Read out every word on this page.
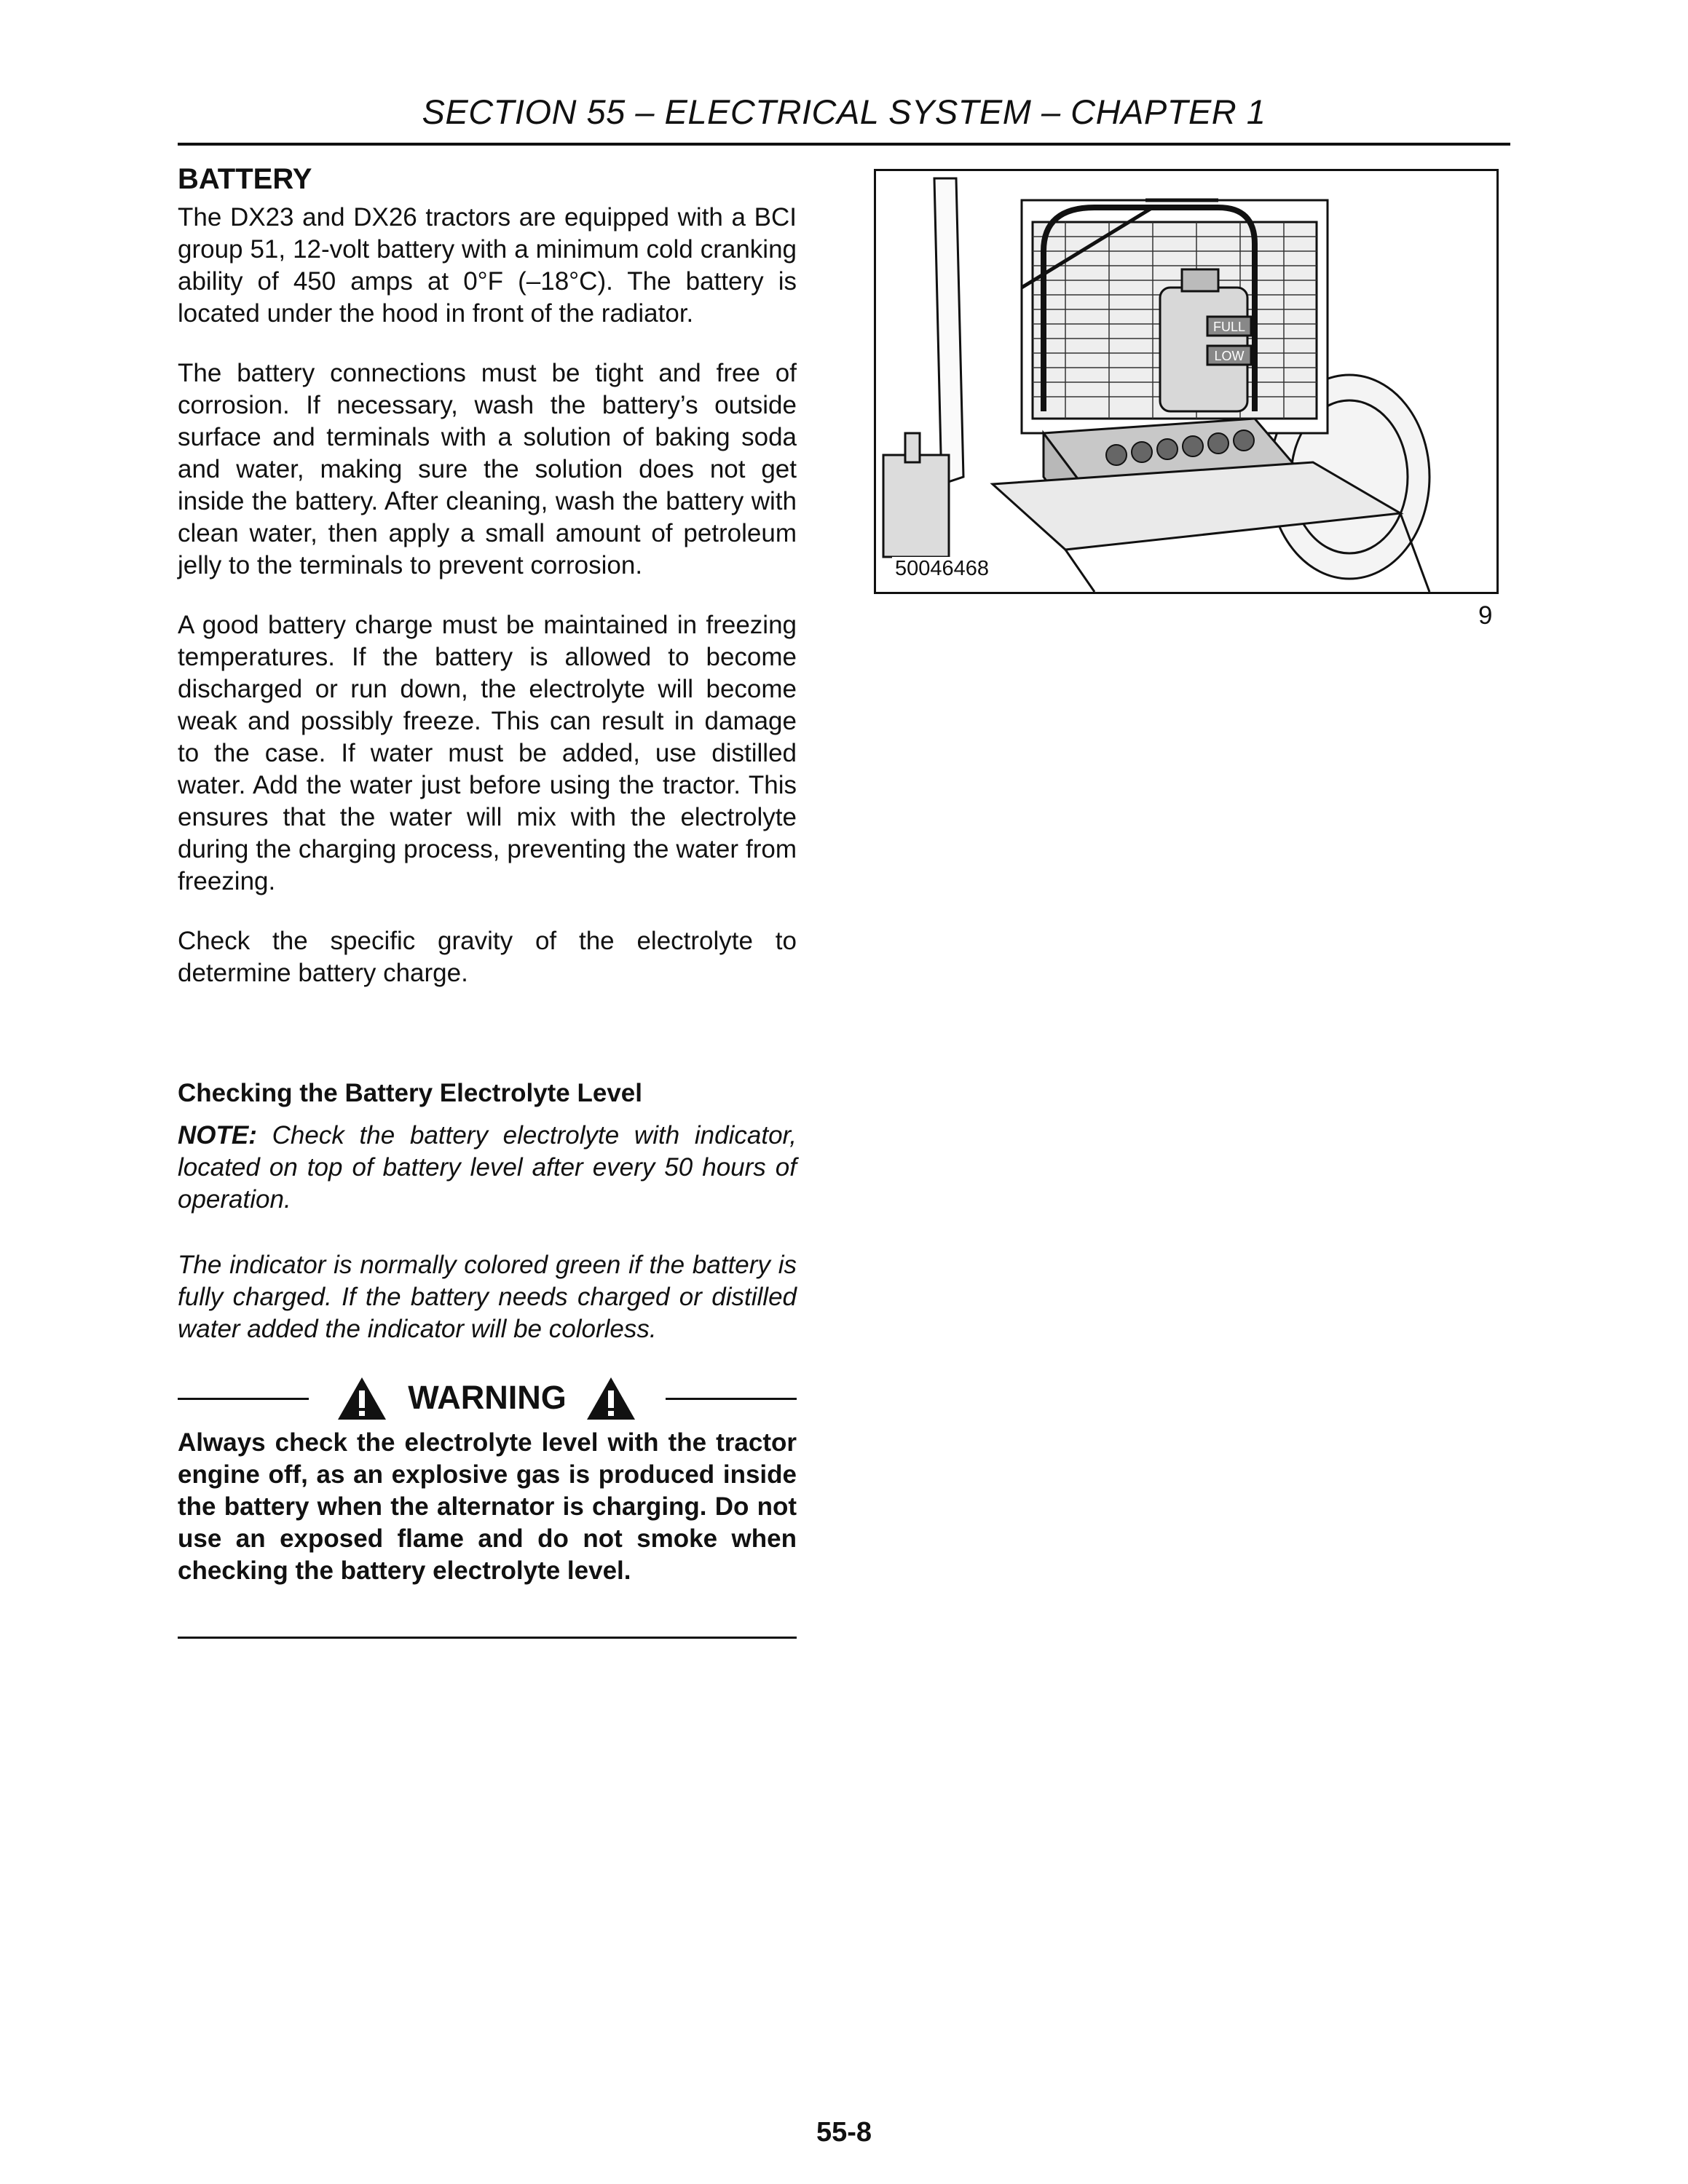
SECTION 55 – ELECTRICAL SYSTEM – CHAPTER 1
BATTERY

The DX23 and DX26 tractors are equipped with a BCI group 51, 12-volt battery with a minimum cold cranking ability of 450 amps at 0°F (–18°C). The battery is located under the hood in front of the radiator.

The battery connections must be tight and free of corrosion. If necessary, wash the battery’s outside surface and terminals with a solution of baking soda and water, making sure the solution does not get inside the battery. After cleaning, wash the battery with clean water, then apply a small amount of petroleum jelly to the terminals to prevent corrosion.

A good battery charge must be maintained in freezing temperatures. If the battery is allowed to become discharged or run down, the electrolyte will become weak and possibly freeze. This can result in damage to the case. If water must be added, use distilled water. Add the water just before using the tractor. This ensures that the water will mix with the electrolyte during the charging process, preventing the water from freezing.

Check the specific gravity of the electrolyte to determine battery charge.

Checking the Battery Electrolyte Level
NOTE: Check the battery electrolyte with indicator, located on top of battery level after every 50 hours of operation.
The indicator is normally colored green if the battery is fully charged. If the battery needs charged or distilled water added the indicator will be colorless.
WARNING
Always check the electrolyte level with the tractor engine off, as an explosive gas is produced inside the battery when the alternator is charging. Do not use an exposed flame and do not smoke when checking the battery electrolyte level.
FULL
LOW
50046468
9
55-8
